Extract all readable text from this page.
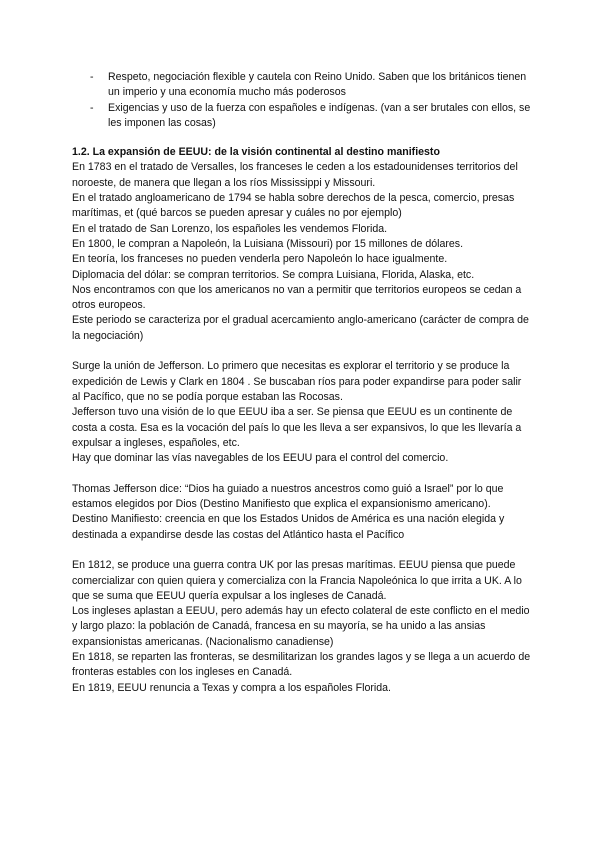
- Respeto, negociación flexible y cautela con Reino Unido. Saben que los británicos tienen un imperio y una economía mucho más poderosos
- Exigencias y uso de la fuerza con españoles e indígenas. (van a ser brutales con ellos, se les imponen las cosas)

1.2. La expansión de EEUU: de la visión continental al destino manifiesto

En 1783 en el tratado de Versalles, los franceses le ceden a los estadounidenses territorios del noroeste, de manera que llegan a los ríos Mississippi y Missouri.

En el tratado angloamericano de 1794 se habla sobre derechos de la pesca, comercio, presas marítimas, et (qué barcos se pueden apresar y cuáles no por ejemplo)

En el tratado de San Lorenzo, los españoles les vendemos Florida.

En 1800, le compran a Napoleón, la Luisiana (Missouri) por 15 millones de dólares.

En teoría, los franceses no pueden venderla pero Napoleón lo hace igualmente.

Diplomacia del dólar: se compran territorios. Se compra Luisiana, Florida, Alaska, etc.

Nos encontramos con que los americanos no van a permitir que territorios europeos se cedan a otros europeos.

Este periodo se caracteriza por el gradual acercamiento anglo-americano (carácter de compra de la negociación)

Surge la unión de Jefferson. Lo primero que necesitas es explorar el territorio y se produce la expedición de Lewis y Clark en 1804 . Se buscaban ríos para poder expandirse para poder salir al Pacífico, que no se podía porque estaban las Rocosas.

Jefferson tuvo una visión de lo que EEUU iba a ser. Se piensa que EEUU es un continente de costa a costa. Esa es la vocación del país lo que les lleva a ser expansivos, lo que les llevaría a expulsar a ingleses, españoles, etc.

Hay que dominar las vías navegables de los EEUU para el control del comercio.

Thomas Jefferson dice: “Dios ha guiado a nuestros ancestros como guió a Israel” por lo que estamos elegidos por Dios (Destino Manifiesto que explica el expansionismo americano).

Destino Manifiesto: creencia en que los Estados Unidos de América es una nación elegida y destinada a expandirse desde las costas del Atlántico hasta el Pacífico

En 1812, se produce una guerra contra UK por las presas marítimas. EEUU piensa que puede comercializar con quien quiera y comercializa con la Francia Napoleónica lo que irrita a UK. A lo que se suma que EEUU quería expulsar a los ingleses de Canadá.

Los ingleses aplastan a EEUU, pero además hay un efecto colateral de este conflicto en el medio y largo plazo: la población de Canadá, francesa en su mayoría, se ha unido a las ansias expansionistas americanas. (Nacionalismo canadiense)

En 1818, se reparten las fronteras, se desmilitarizan los grandes lagos y se llega a un acuerdo de fronteras estables con los ingleses en Canadá.

En 1819, EEUU renuncia a Texas y compra a los españoles Florida.
